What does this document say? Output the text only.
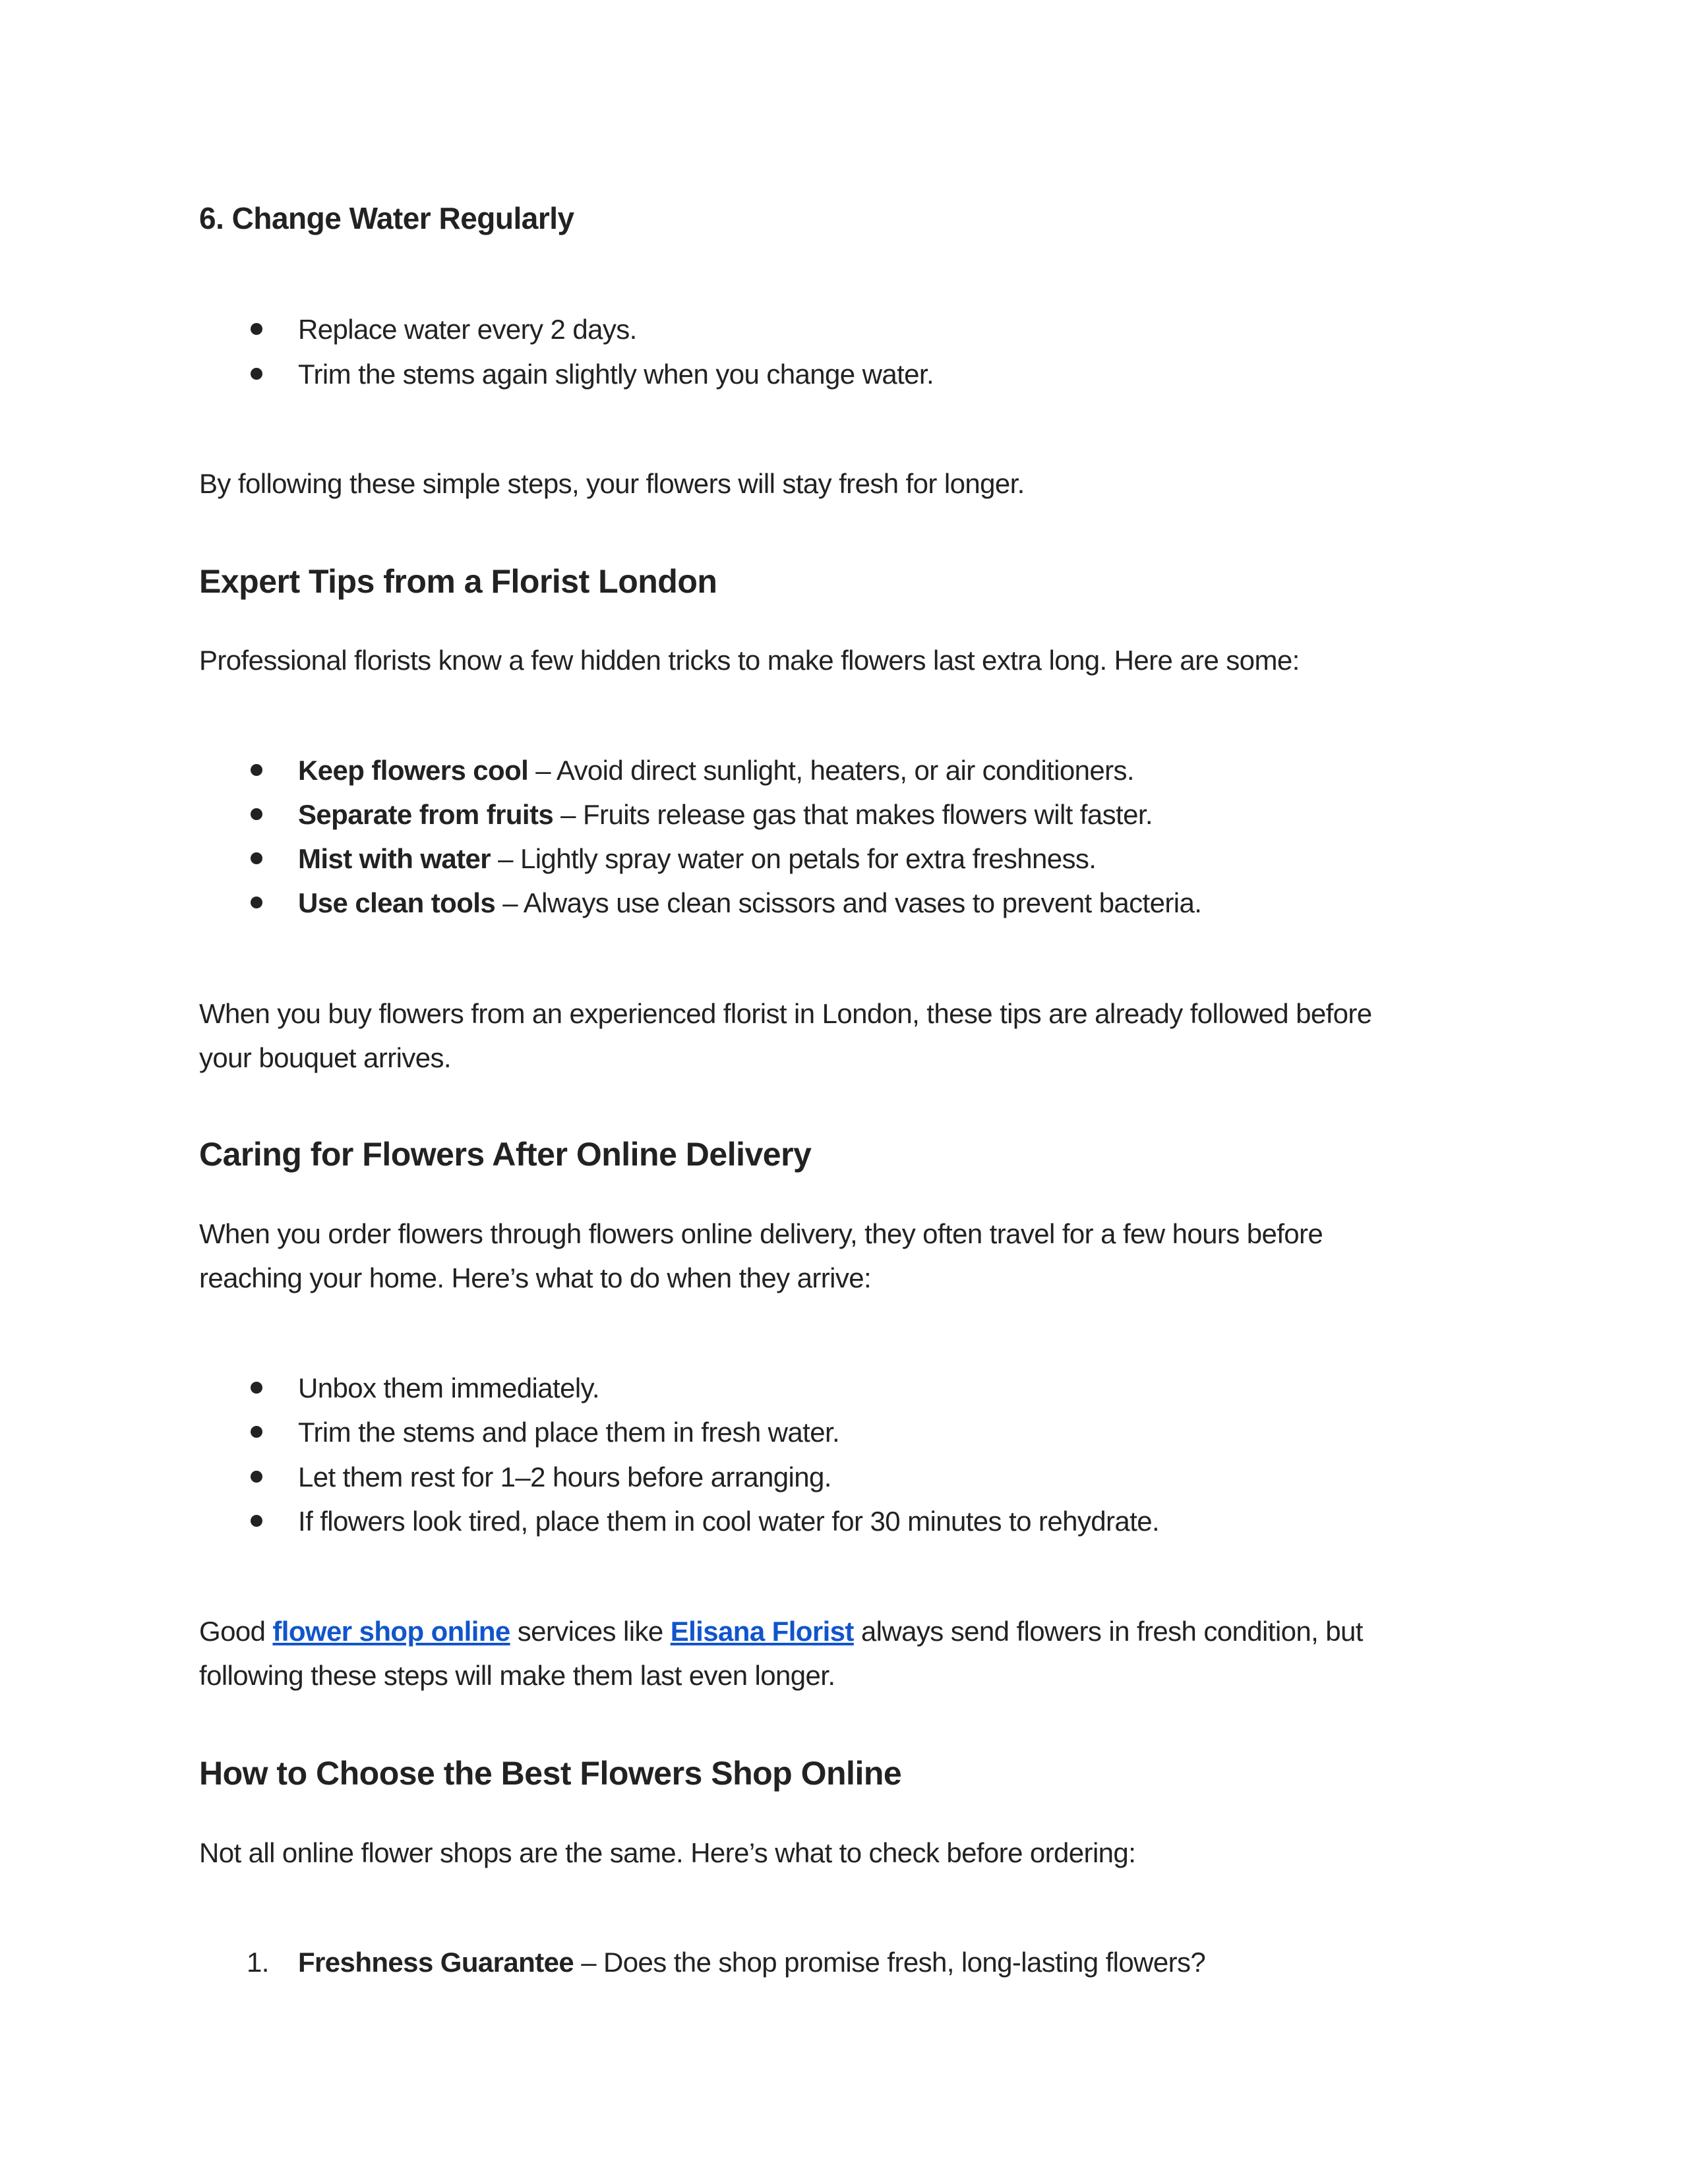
6. Change Water Regularly
Replace water every 2 days.
Trim the stems again slightly when you change water.
By following these simple steps, your flowers will stay fresh for longer.
Expert Tips from a Florist London
Professional florists know a few hidden tricks to make flowers last extra long. Here are some:
Keep flowers cool – Avoid direct sunlight, heaters, or air conditioners.
Separate from fruits – Fruits release gas that makes flowers wilt faster.
Mist with water – Lightly spray water on petals for extra freshness.
Use clean tools – Always use clean scissors and vases to prevent bacteria.
When you buy flowers from an experienced florist in London, these tips are already followed before
your bouquet arrives.
Caring for Flowers After Online Delivery
When you order flowers through flowers online delivery, they often travel for a few hours before
reaching your home. Here’s what to do when they arrive:
Unbox them immediately.
Trim the stems and place them in fresh water.
Let them rest for 1–2 hours before arranging.
If flowers look tired, place them in cool water for 30 minutes to rehydrate.
Good flower shop online services like Elisana Florist always send flowers in fresh condition, but
following these steps will make them last even longer.
How to Choose the Best Flowers Shop Online
Not all online flower shops are the same. Here’s what to check before ordering:
1. Freshness Guarantee – Does the shop promise fresh, long-lasting flowers?
